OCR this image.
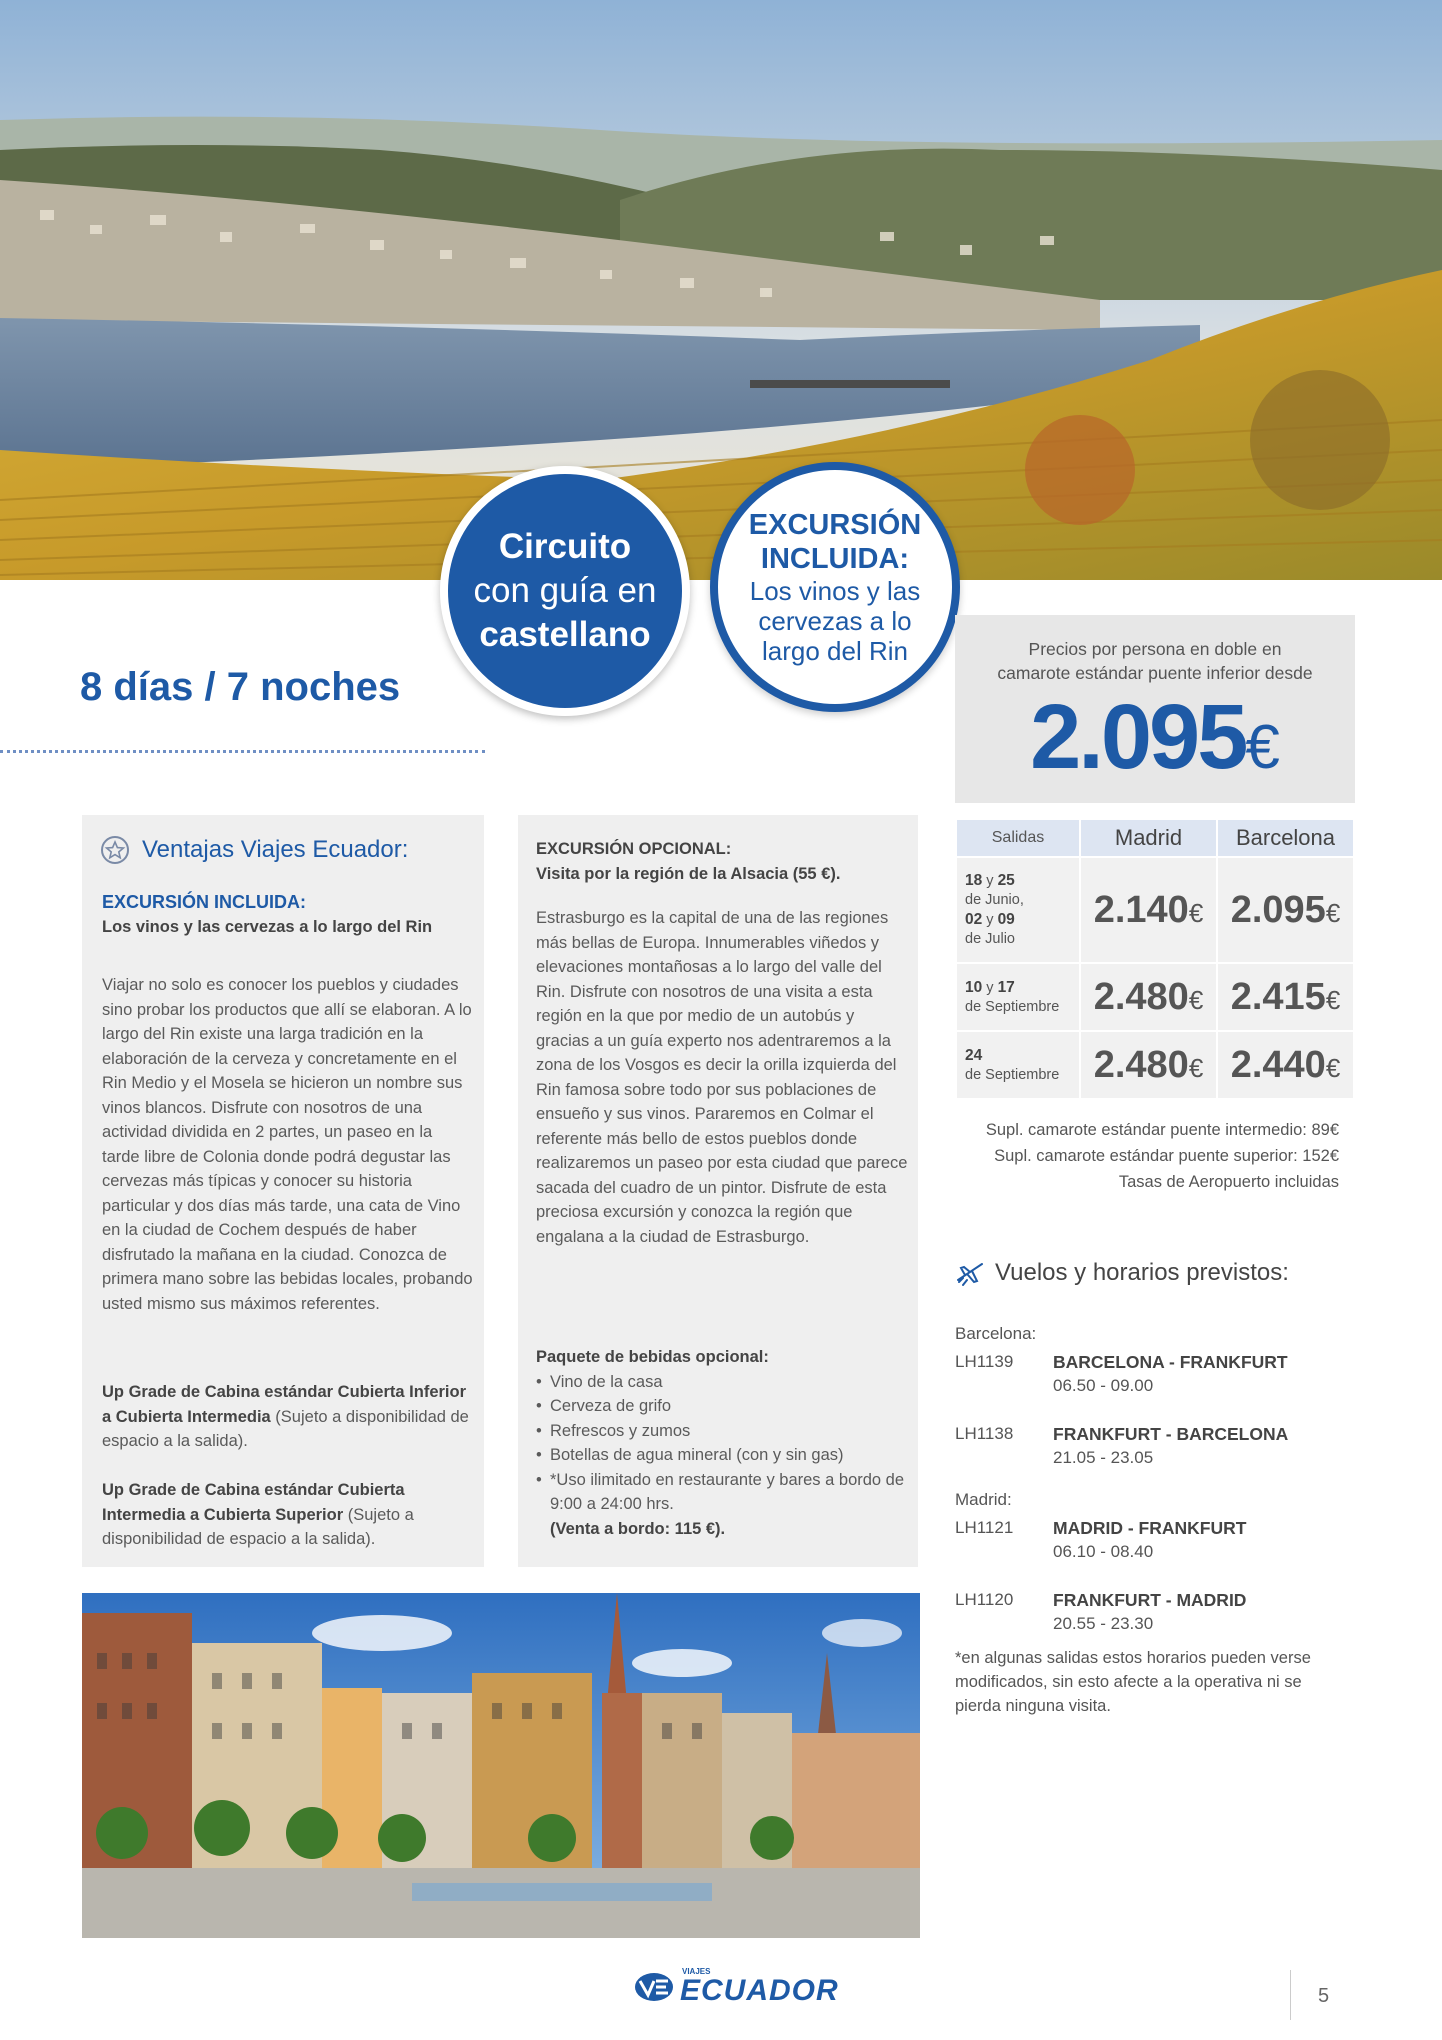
Circuito
con guía en
castellano
EXCURSIÓN
INCLUIDA:
Los vinos y las
cervezas a lo
largo del Rin
8 días / 7 noches
Precios por persona en doble en
camarote estándar puente inferior desde
2.095€
Ventajas Viajes Ecuador:
EXCURSIÓN INCLUIDA:
Los vinos y las cervezas a lo largo del Rin
Viajar no solo es conocer los pueblos y ciudades sino probar los productos que allí se elaboran. A lo largo del Rin existe una larga tradición en la elaboración de la cerveza y concretamente en el Rin Medio y el Mosela se hicieron un nombre sus vinos blancos. Disfrute con nosotros de una actividad dividida en 2 partes, un paseo en la tarde libre de Colonia donde podrá degustar las cervezas más típicas y conocer su historia particular y dos días más tarde, una cata de Vino en la ciudad de Cochem después de haber disfrutado la mañana en la ciudad. Conozca de primera mano sobre las bebidas locales, probando usted mismo sus máximos referentes.
Up Grade de Cabina estándar Cubierta Inferior a Cubierta Intermedia (Sujeto a disponibilidad de espacio a la salida).
Up Grade de Cabina estándar Cubierta Intermedia a Cubierta Superior (Sujeto a disponibilidad de espacio a la salida).
EXCURSIÓN OPCIONAL:
Visita por la región de la Alsacia (55 €).
Estrasburgo es la capital de una de las regiones más bellas de Europa. Innumerables viñedos y elevaciones montañosas a lo largo del valle del Rin. Disfrute con nosotros de una visita a esta región en la que por medio de un autobús y gracias a un guía experto nos adentraremos a la zona de los Vosgos es decir la orilla izquierda del Rin famosa sobre todo por sus poblaciones de ensueño y sus vinos. Pararemos en Colmar el referente más bello de estos pueblos donde realizaremos un paseo por esta ciudad que parece sacada del cuadro de un pintor. Disfrute de esta preciosa excursión y conozca la región que engalana a la ciudad de Estrasburgo.
Paquete de bebidas opcional:
• Vino de la casa
• Cerveza de grifo
• Refrescos y zumos
• Botellas de agua mineral (con y sin gas)
• *Uso ilimitado en restaurante y bares a bordo de 9:00 a 24:00 hrs.
(Venta a bordo: 115 €).
Salidas	Madrid	Barcelona
18 y 25
de Junio,
02 y 09
de Julio	2.140€	2.095€
10 y 17
de Septiembre	2.480€	2.415€
24
de Septiembre	2.480€	2.440€
Supl. camarote estándar puente intermedio: 89€
Supl. camarote estándar puente superior: 152€
Tasas de Aeropuerto incluidas
Vuelos y horarios previstos:
Barcelona:
LH1139	BARCELONA - FRANKFURT
06.50 - 09.00
LH1138	FRANKFURT - BARCELONA
21.05 - 23.05
Madrid:
LH1121	MADRID - FRANKFURT
06.10 - 08.40
LH1120	FRANKFURT - MADRID
20.55 - 23.30
*en algunas salidas estos horarios pueden verse modificados, sin esto afecte a la operativa ni se pierda ninguna visita.
VIAJES
ECUADOR	5
